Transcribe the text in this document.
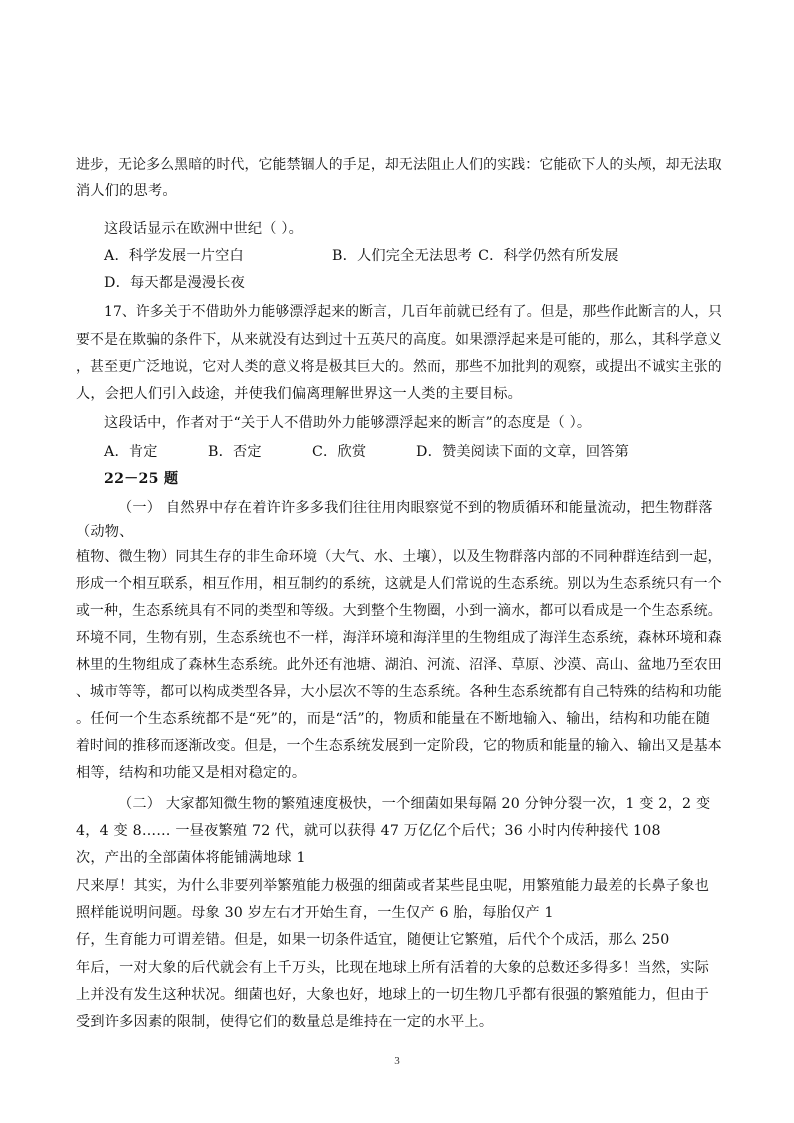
进步，无论多么黑暗的时代，它能禁锢人的手足，却无法阻止人们的实践：它能砍下人的头颅，却无法取
消人们的思考。
这段话显示在欧洲中世纪（ ）。
A．科学发展一片空白	B．人们完全无法思考 C．科学仍然有所发展
D．每天都是漫漫长夜
17、许多关于不借助外力能够漂浮起来的断言，几百年前就已经有了。但是，那些作此断言的人，只
要不是在欺骗的条件下，从来就没有达到过十五英尺的高度。如果漂浮起来是可能的，那么，其科学意义
，甚至更广泛地说，它对人类的意义将是极其巨大的。然而，那些不加批判的观察，或提出不诚实主张的
人，会把人们引入歧途，并使我们偏离理解世界这一人类的主要目标。
这段话中，作者对于“关于人不借助外力能够漂浮起来的断言”的态度是（ ）。
A．肯定	B．否定	C．欣赏	D．赞美阅读下面的文章，回答第
22－25 题
（一） 自然界中存在着许许多多我们往往用肉眼察觉不到的物质循环和能量流动，把生物群落
（动物、
植物、微生物）同其生存的非生命环境（大气、水、土壤），以及生物群落内部的不同种群连结到一起，
形成一个相互联系，相互作用，相互制约的系统，这就是人们常说的生态系统。别以为生态系统只有一个
或一种，生态系统具有不同的类型和等级。大到整个生物圈，小到一滴水，都可以看成是一个生态系统。
环境不同，生物有别，生态系统也不一样，海洋环境和海洋里的生物组成了海洋生态系统，森林环境和森
林里的生物组成了森林生态系统。此外还有池塘、湖泊、河流、沼泽、草原、沙漠、高山、盆地乃至农田
、城市等等，都可以构成类型各异，大小层次不等的生态系统。各种生态系统都有自己特殊的结构和功能
。任何一个生态系统都不是“死”的，而是“活”的，物质和能量在不断地输入、输出，结构和功能在随
着时间的推移而逐渐改变。但是，一个生态系统发展到一定阶段，它的物质和能量的输入、输出又是基本
相等，结构和功能又是相对稳定的。
（二） 大家都知微生物的繁殖速度极快，一个细菌如果每隔 20 分钟分裂一次，1 变 2，2 变
4，4 变 8…… 一昼夜繁殖 72 代，就可以获得 47 万亿亿个后代；36 小时内传种接代 108
次，产出的全部菌体将能铺满地球 1
尺来厚！其实，为什么非要列举繁殖能力极强的细菌或者某些昆虫呢，用繁殖能力最差的长鼻子象也
照样能说明问题。母象 30 岁左右才开始生育，一生仅产 6 胎，每胎仅产 1
仔，生育能力可谓差错。但是，如果一切条件适宜，随便让它繁殖，后代个个成活，那么 250
年后，一对大象的后代就会有上千万头，比现在地球上所有活着的大象的总数还多得多！当然，实际
上并没有发生这种状况。细菌也好，大象也好，地球上的一切生物几乎都有很强的繁殖能力，但由于
受到许多因素的限制，使得它们的数量总是维持在一定的水平上。
3
